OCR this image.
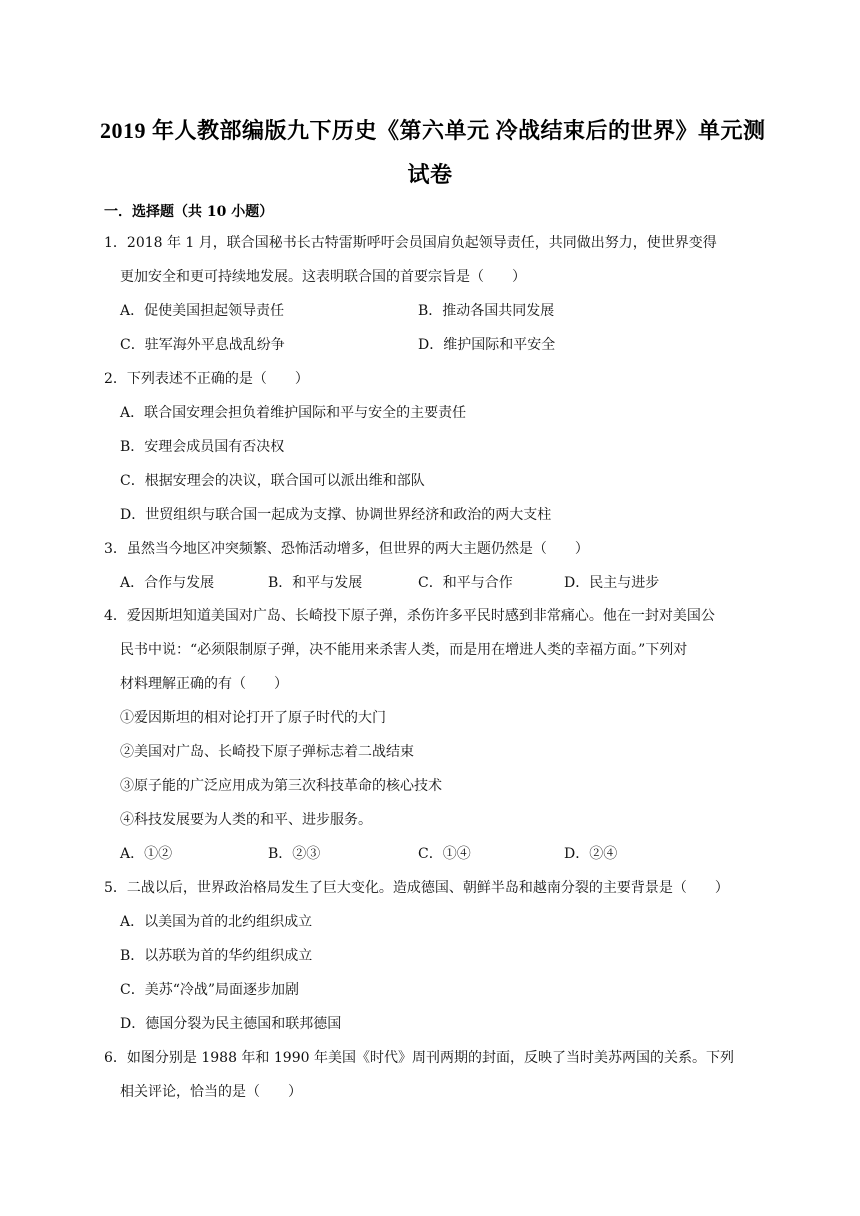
2019 年人教部编版九下历史《第六单元 冷战结束后的世界》单元测
试卷
一．选择题（共 10 小题）
1．2018 年 1 月，联合国秘书长古特雷斯呼吁会员国肩负起领导责任，共同做出努力，使世界变得
更加安全和更可持续地发展。这表明联合国的首要宗旨是（　　）
A．促使美国担起领导责任	B．推动各国共同发展
C．驻军海外平息战乱纷争	D．维护国际和平安全
2．下列表述不正确的是（　　）
A．联合国安理会担负着维护国际和平与安全的主要责任
B．安理会成员国有否决权
C．根据安理会的决议，联合国可以派出维和部队
D．世贸组织与联合国一起成为支撑、协调世界经济和政治的两大支柱
3．虽然当今地区冲突频繁、恐怖活动增多，但世界的两大主题仍然是（　　）
A．合作与发展	B．和平与发展	C．和平与合作	D．民主与进步
4．爱因斯坦知道美国对广岛、长崎投下原子弹，杀伤许多平民时感到非常痛心。他在一封对美国公
民书中说：“必须限制原子弹，决不能用来杀害人类，而是用在增进人类的幸福方面。”下列对
材料理解正确的有（　　）
①爱因斯坦的相对论打开了原子时代的大门
②美国对广岛、长崎投下原子弹标志着二战结束
③原子能的广泛应用成为第三次科技革命的核心技术
④科技发展要为人类的和平、进步服务。
A．①②	B．②③	C．①④	D．②④
5．二战以后，世界政治格局发生了巨大变化。造成德国、朝鲜半岛和越南分裂的主要背景是（　　）
A．以美国为首的北约组织成立
B．以苏联为首的华约组织成立
C．美苏“冷战”局面逐步加剧
D．德国分裂为民主德国和联邦德国
6．如图分别是 1988 年和 1990 年美国《时代》周刊两期的封面，反映了当时美苏两国的关系。下列
相关评论，恰当的是（　　）
